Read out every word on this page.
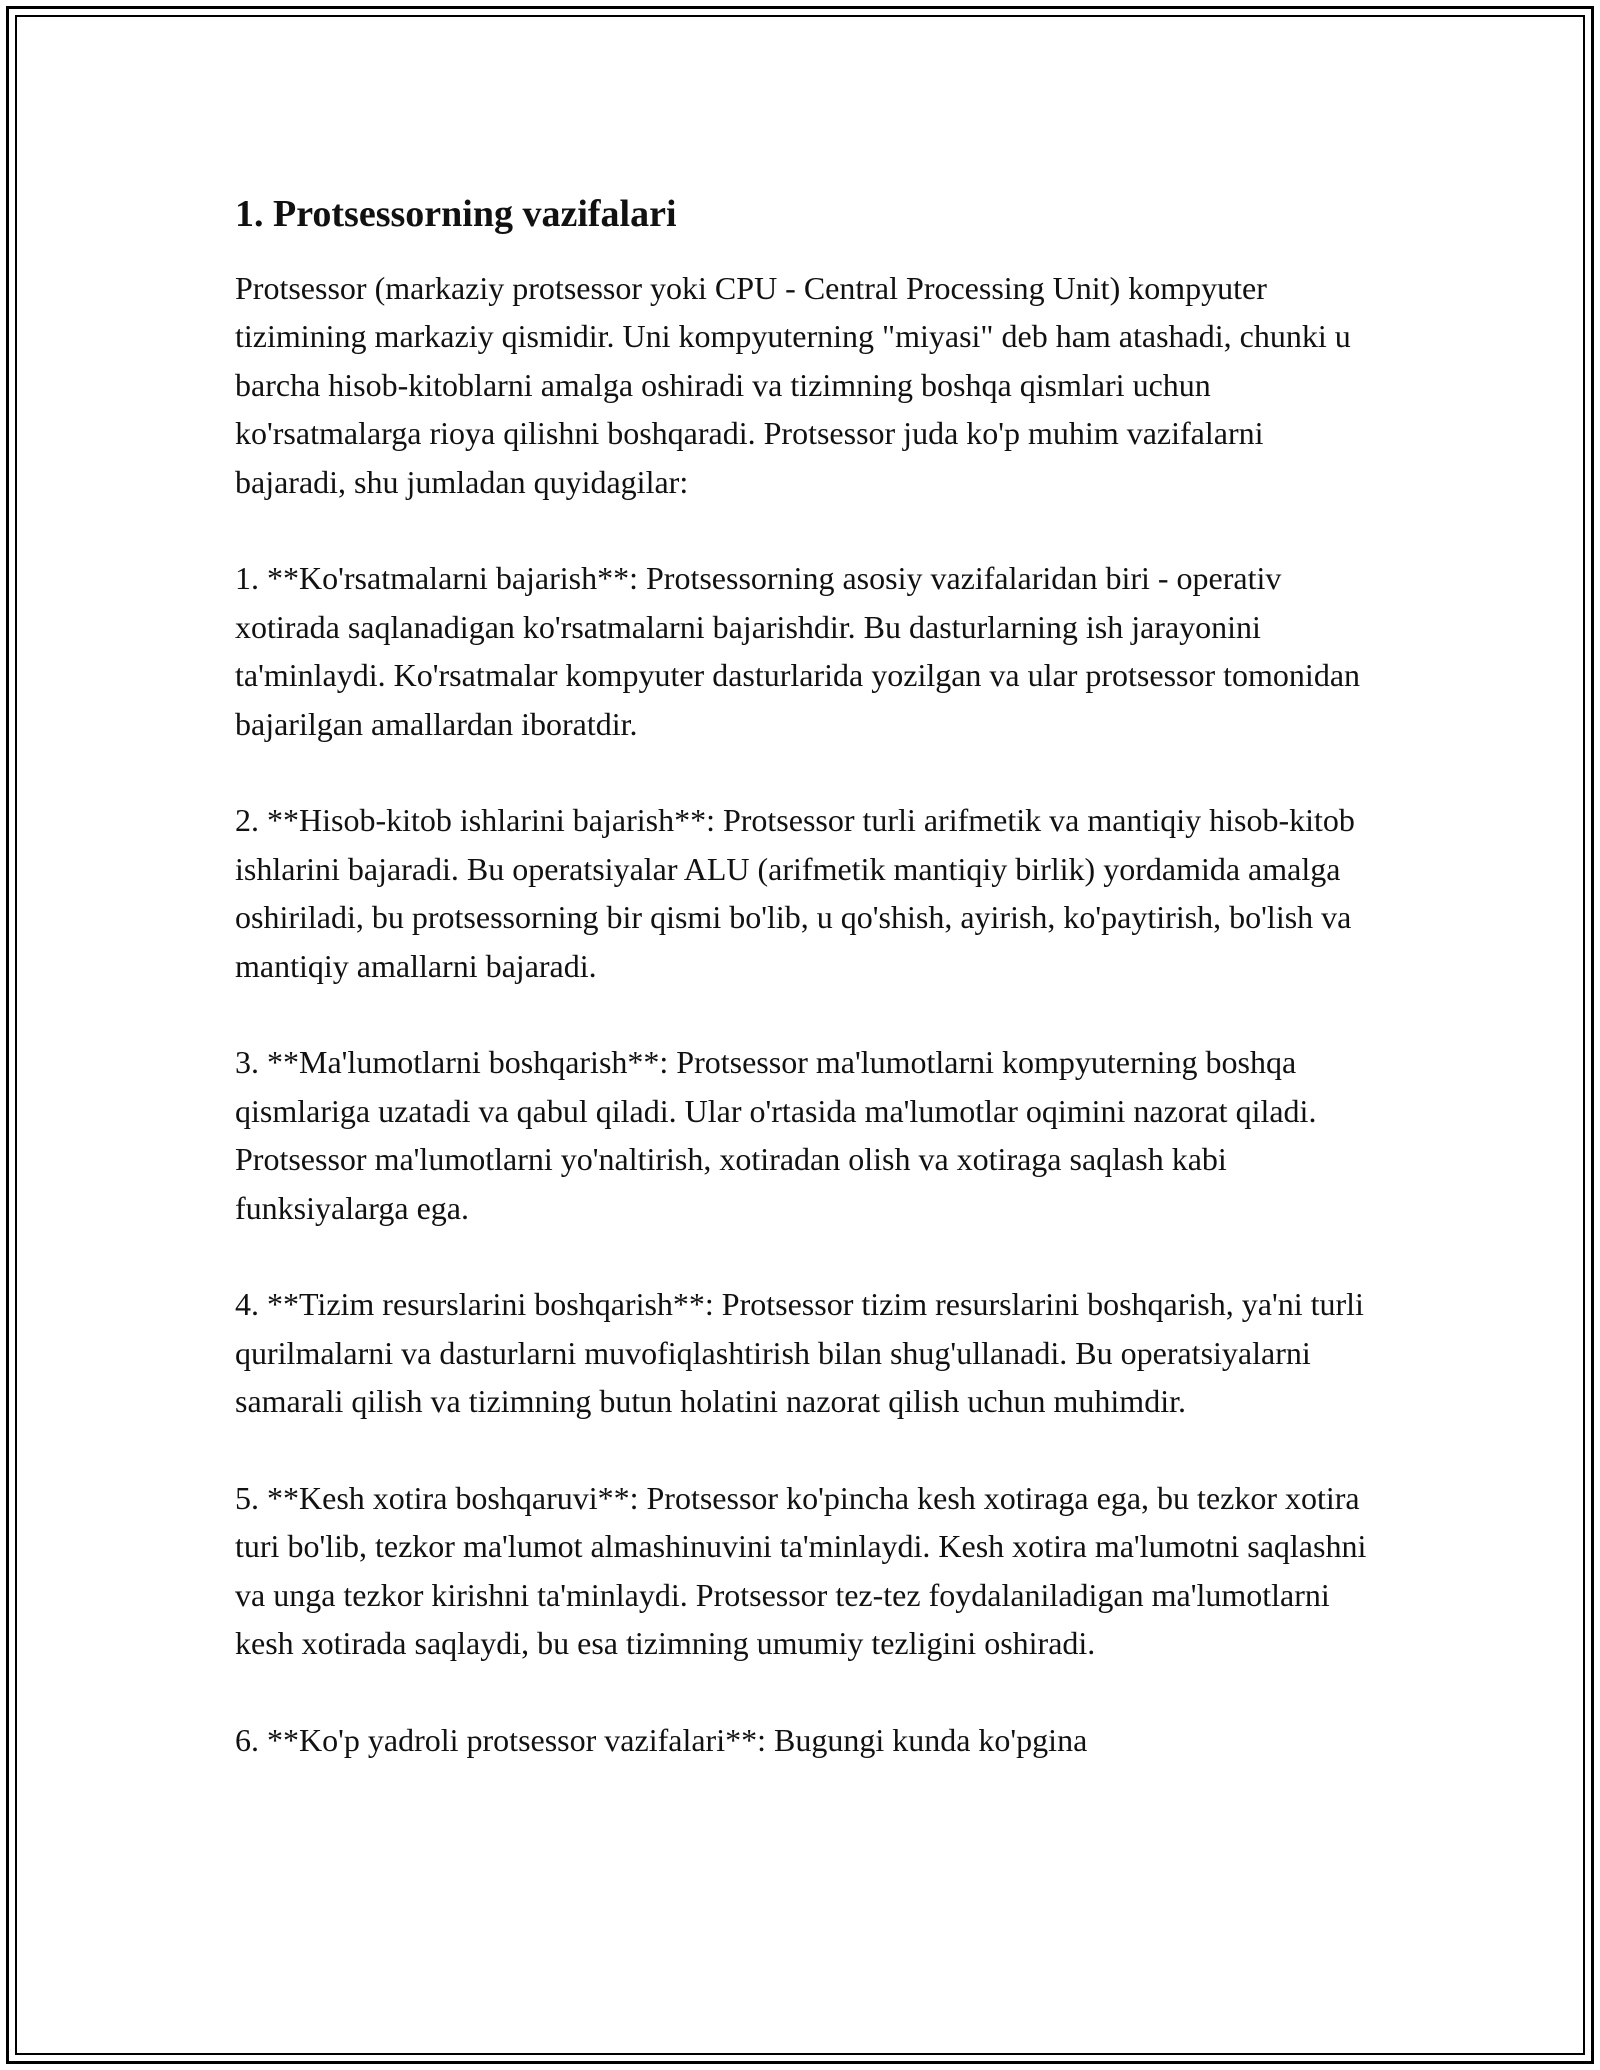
1. Protsessorning vazifalari

Protsessor (markaziy protsessor yoki CPU - Central Processing Unit) kompyuter tizimining markaziy qismidir. Uni kompyuterning "miyasi" deb ham atashadi, chunki u barcha hisob-kitoblarni amalga oshiradi va tizimning boshqa qismlari uchun ko'rsatmalarga rioya qilishni boshqaradi. Protsessor juda ko'p muhim vazifalarni bajaradi, shu jumladan quyidagilar:

1. **Ko'rsatmalarni bajarish**: Protsessorning asosiy vazifalaridan biri - operativ xotirada saqlanadigan ko'rsatmalarni bajarishdir. Bu dasturlarning ish jarayonini ta'minlaydi. Ko'rsatmalar kompyuter dasturlarida yozilgan va ular protsessor tomonidan bajarilgan amallardan iboratdir.

2. **Hisob-kitob ishlarini bajarish**: Protsessor turli arifmetik va mantiqiy hisob-kitob ishlarini bajaradi. Bu operatsiyalar ALU (arifmetik mantiqiy birlik) yordamida amalga oshiriladi, bu protsessorning bir qismi bo'lib, u qo'shish, ayirish, ko'paytirish, bo'lish va mantiqiy amallarni bajaradi.

3. **Ma'lumotlarni boshqarish**: Protsessor ma'lumotlarni kompyuterning boshqa qismlariga uzatadi va qabul qiladi. Ular o'rtasida ma'lumotlar oqimini nazorat qiladi. Protsessor ma'lumotlarni yo'naltirish, xotiradan olish va xotiraga saqlash kabi funksiyalarga ega.

4. **Tizim resurslarini boshqarish**: Protsessor tizim resurslarini boshqarish, ya'ni turli qurilmalarni va dasturlarni muvofiqlashtirish bilan shug'ullanadi. Bu operatsiyalarni samarali qilish va tizimning butun holatini nazorat qilish uchun muhimdir.

5. **Kesh xotira boshqaruvi**: Protsessor ko'pincha kesh xotiraga ega, bu tezkor xotira turi bo'lib, tezkor ma'lumot almashinuvini ta'minlaydi. Kesh xotira ma'lumotni saqlashni va unga tezkor kirishni ta'minlaydi. Protsessor tez-tez foydalaniladigan ma'lumotlarni kesh xotirada saqlaydi, bu esa tizimning umumiy tezligini oshiradi.

6. **Ko'p yadroli protsessor vazifalari**: Bugungi kunda ko'pgina
